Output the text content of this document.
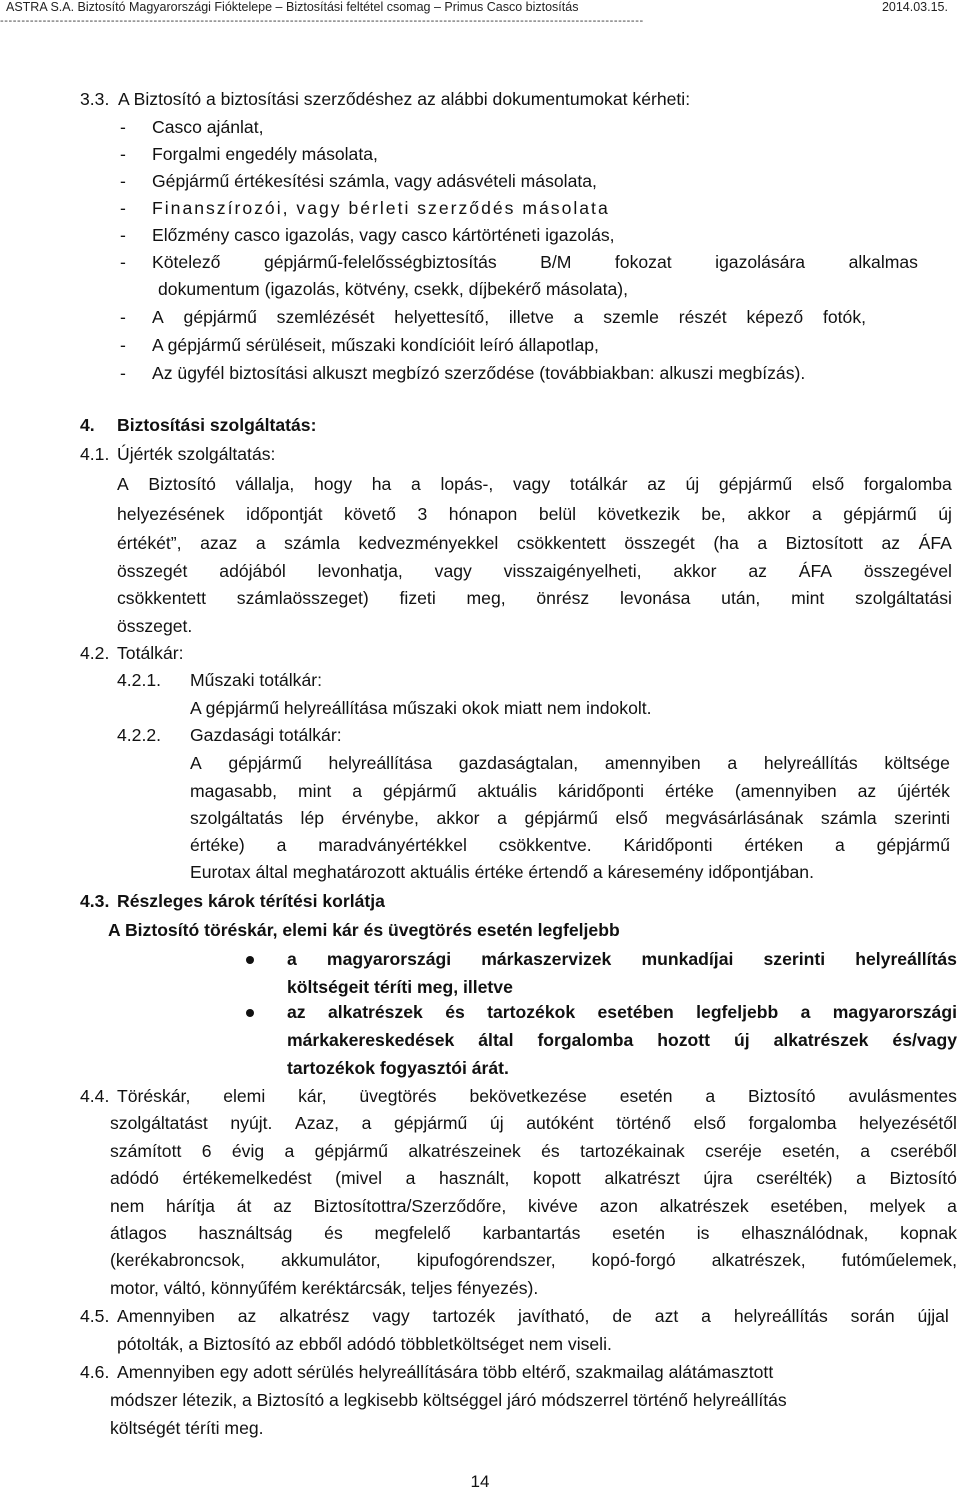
ASTRA S.A. Biztosító Magyarországi Fióktelepe – Biztosítási feltétel csomag – Primus Casco biztosítás	2014.03.15.
-------------------------------------------------------------------------------------------------------------------------------------------------------
3.3. A Biztosító a biztosítási szerződéshez az alábbi dokumentumokat kérheti:
- Casco ajánlat,
- Forgalmi engedély másolata,
- Gépjármű értékesítési számla, vagy adásvételi másolata,
- Finanszírozói, vagy bérleti szerződés másolata
- Előzmény casco igazolás, vagy casco kártörténeti igazolás,
- Kötelező gépjármű-felelősségbiztosítás B/M fokozat igazolására alkalmas
dokumentum (igazolás, kötvény, csekk, díjbekérő másolata),
- A gépjármű szemlézését helyettesítő, illetve a szemle részét képező fotók,
- A gépjármű sérüléseit, műszaki kondícióit leíró állapotlap,
- Az ügyfél biztosítási alkuszt megbízó szerződése (továbbiakban: alkuszi megbízás).
4. Biztosítási szolgáltatás:
4.1. Újérték szolgáltatás:
A Biztosító vállalja, hogy ha a lopás-, vagy totálkár az új gépjármű első forgalomba
helyezésének időpontját követő 3 hónapon belül következik be, akkor a gépjármű új
értékét”, azaz a számla kedvezményekkel csökkentett összegét (ha a Biztosított az ÁFA
összegét adójából levonhatja, vagy visszaigényelheti, akkor az ÁFA összegével
csökkentett számlaösszeget) fizeti meg, önrész levonása után, mint szolgáltatási
összeget.
4.2. Totálkár:
4.2.1. Műszaki totálkár:
A gépjármű helyreállítása műszaki okok miatt nem indokolt.
4.2.2. Gazdasági totálkár:
A gépjármű helyreállítása gazdaságtalan, amennyiben a helyreállítás költsége
magasabb, mint a gépjármű aktuális káridőponti értéke (amennyiben az újérték
szolgáltatás lép érvénybe, akkor a gépjármű első megvásárlásának számla szerinti
értéke) a maradványértékkel csökkentve. Káridőponti értéken a gépjármű
Eurotax által meghatározott aktuális értéke értendő a káresemény időpontjában.
4.3. Részleges károk térítési korlátja
A Biztosító töréskár, elemi kár és üvegtörés esetén legfeljebb
a magyarországi márkaszervizek munkadíjai szerinti helyreállítás
költségeit téríti meg, illetve
az alkatrészek és tartozékok esetében legfeljebb a magyarországi
márkakereskedések által forgalomba hozott új alkatrészek és/vagy
tartozékok fogyasztói árát.
4.4. Töréskár, elemi kár, üvegtörés bekövetkezése esetén a Biztosító avulásmentes
szolgáltatást nyújt. Azaz, a gépjármű új autóként történő első forgalomba helyezésétől
számított 6 évig a gépjármű alkatrészeinek és tartozékainak cseréje esetén, a cseréből
adódó értékemelkedést (mivel a használt, kopott alkatrészt újra cserélték) a Biztosító
nem hárítja át az Biztosítottra/Szerződőre, kivéve azon alkatrészek esetében, melyek a
átlagos használtság és megfelelő karbantartás esetén is elhasználódnak, kopnak
(kerékabroncsok, akkumulátor, kipufogórendszer, kopó-forgó alkatrészek, futóműelemek,
motor, váltó, könnyűfém keréktárcsák, teljes fényezés).
4.5. Amennyiben az alkatrész vagy tartozék javítható, de azt a helyreállítás során újjal
pótolták, a Biztosító az ebből adódó többletköltséget nem viseli.
4.6. Amennyiben egy adott sérülés helyreállítására több eltérő, szakmailag alátámasztott
módszer létezik, a Biztosító a legkisebb költséggel járó módszerrel történő helyreállítás
költségét téríti meg.
14
